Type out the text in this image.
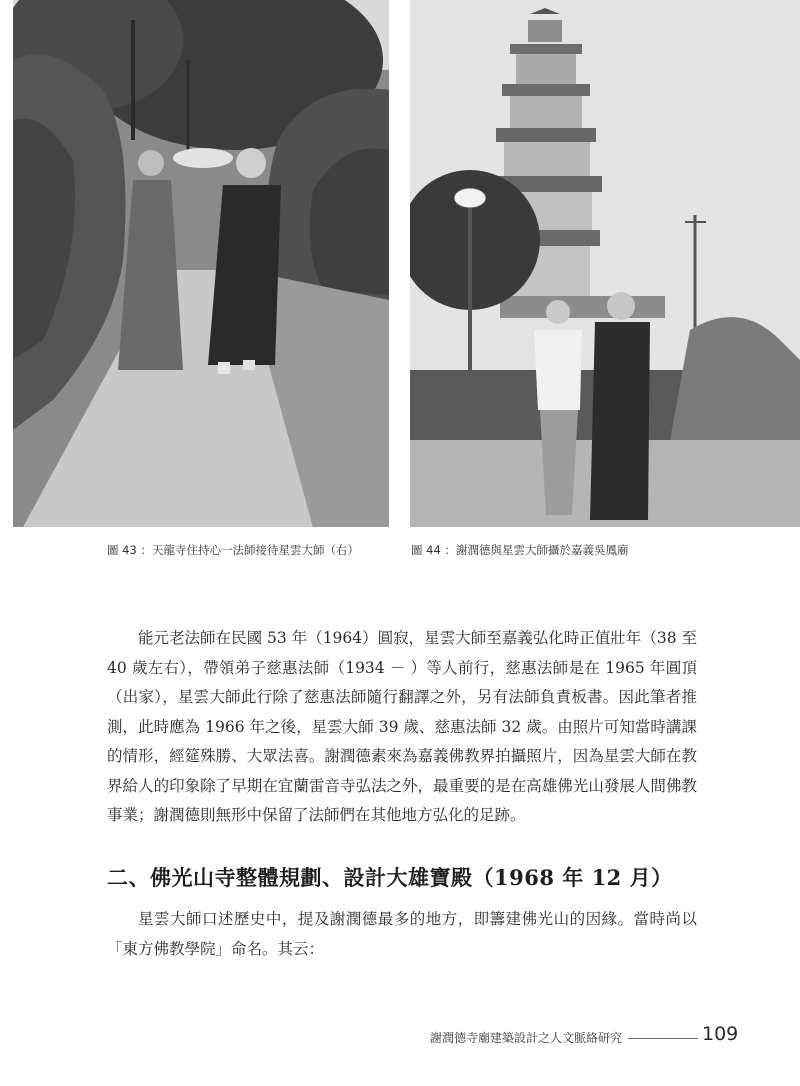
圖 43 ：天龍寺住持心一法師接待星雲大師（右）	圖 44 ：謝潤德與星雲大師攝於嘉義吳鳳廟

能元老法師在民國 53 年（1964）圓寂，星雲大師至嘉義弘化時正值壯年（38 至 40 歲左右），帶領弟子慈惠法師（1934 － ）等人前行，慈惠法師是在 1965 年圓頂（出家），星雲大師此行除了慈惠法師隨行翻譯之外，另有法師負責板書。因此筆者推測，此時應為 1966 年之後，星雲大師 39 歲、慈惠法師 32 歲。由照片可知當時講課的情形，經筵殊勝、大眾法喜。謝潤德素來為嘉義佛教界拍攝照片，因為星雲大師在教界給人的印象除了早期在宜蘭雷音寺弘法之外，最重要的是在高雄佛光山發展人間佛教事業；謝潤德則無形中保留了法師們在其他地方弘化的足跡。

二、佛光山寺整體規劃、設計大雄寶殿（1968 年 12 月）

星雲大師口述歷史中，提及謝潤德最多的地方，即籌建佛光山的因緣。當時尚以「東方佛教學院」命名。其云：

謝潤德寺廟建築設計之人文脈絡研究	109
